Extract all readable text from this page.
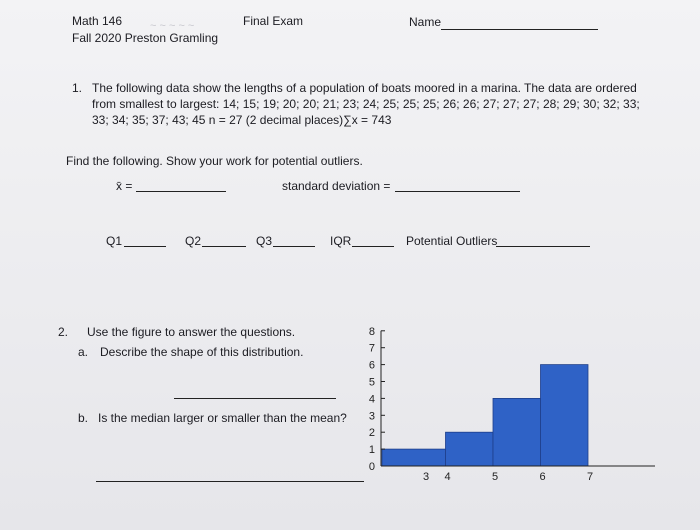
~ ~ ~ ~ ~
Math 146	Final Exam	Name
Fall 2020 Preston Gramling
1. The following data show the lengths of a population of boats moored in a marina. The data are ordered
from smallest to largest: 14; 15; 19; 20; 20; 21; 23; 24; 25; 25; 25; 26; 26; 27; 27; 27; 28; 29; 30; 32; 33;
33; 34; 35; 37; 43; 45 n = 27 (2 decimal places)∑x = 743
Find the following. Show your work for potential outliers.
x̄ =	standard deviation =
Q1	Q2	Q3	IQR	Potential Outliers
2. Use the figure to answer the questions.
a. Describe the shape of this distribution.
b. Is the median larger or smaller than the mean?
0
1
2
3
4
5
6
7
8
3 4	5	6	7
